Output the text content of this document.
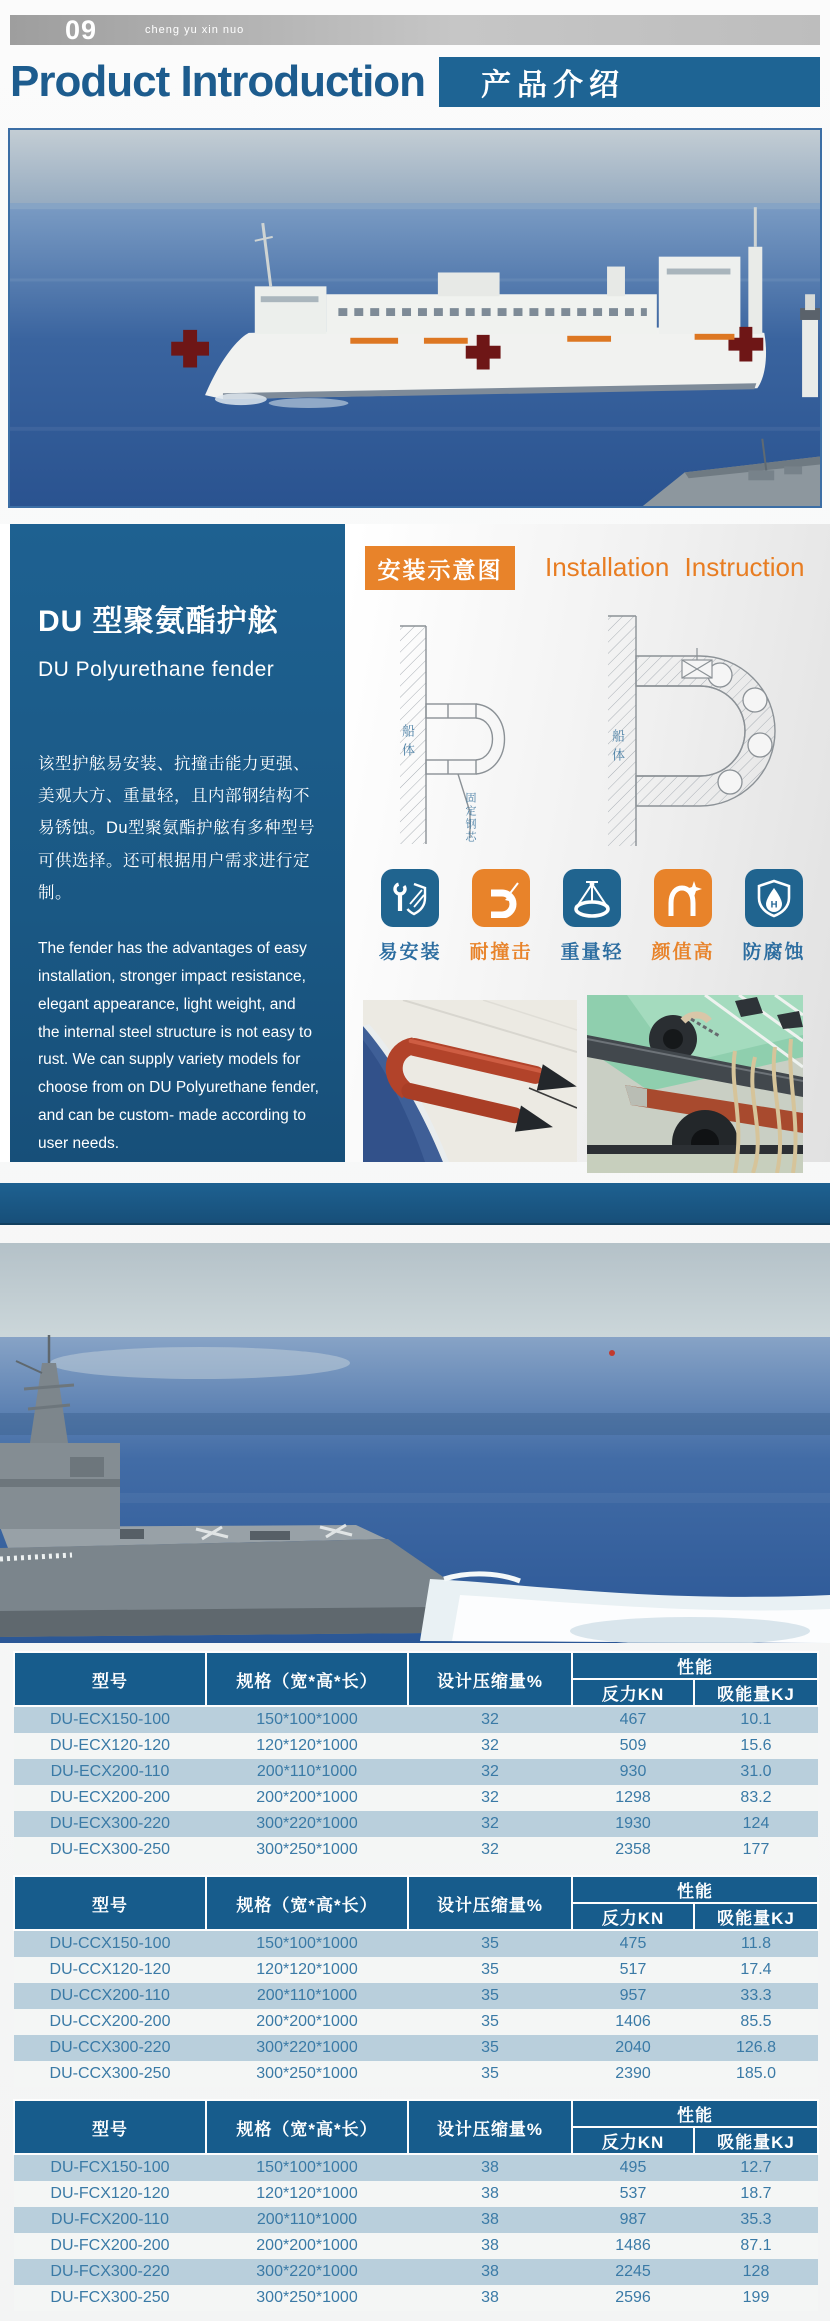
09	cheng yu xin nuo
Product Introduction	产品介绍
DU 型聚氨酯护舷
DU Polyurethane fender
该型护舷易安装、抗撞击能力更强、美观大方、重量轻，且内部钢结构不易锈蚀。Du型聚氨酯护舷有多种型号可供选择。还可根据用户需求进行定制。
The fender has the advantages of easy installation, stronger impact resistance, elegant appearance, light weight, and the internal steel structure is not easy to rust. We can supply variety models for choose from on DU Polyurethane fender, and can be custom- made according to user needs.
安装示意图	Installation Instruction
船体	船体
固定钢芯
易安装	耐撞击	重量轻	颜值高
H
防腐蚀
型号	规格（宽*高*长）	设计压缩量%	性能	
			反力KN	吸能量KJ
DU-ECX150-100	150*100*1000	32	467	10.1
DU-ECX120-120	120*120*1000	32	509	15.6
DU-ECX200-110	200*110*1000	32	930	31.0
DU-ECX200-200	200*200*1000	32	1298	83.2
DU-ECX300-220	300*220*1000	32	1930	124
DU-ECX300-250	300*250*1000	32	2358	177
型号	规格（宽*高*长）	设计压缩量%	性能	
			反力KN	吸能量KJ
DU-CCX150-100	150*100*1000	35	475	11.8
DU-CCX120-120	120*120*1000	35	517	17.4
DU-CCX200-110	200*110*1000	35	957	33.3
DU-CCX200-200	200*200*1000	35	1406	85.5
DU-CCX300-220	300*220*1000	35	2040	126.8
DU-CCX300-250	300*250*1000	35	2390	185.0
型号	规格（宽*高*长）	设计压缩量%	性能	
			反力KN	吸能量KJ
DU-FCX150-100	150*100*1000	38	495	12.7
DU-FCX120-120	120*120*1000	38	537	18.7
DU-FCX200-110	200*110*1000	38	987	35.3
DU-FCX200-200	200*200*1000	38	1486	87.1
DU-FCX300-220	300*220*1000	38	2245	128
DU-FCX300-250	300*250*1000	38	2596	199
